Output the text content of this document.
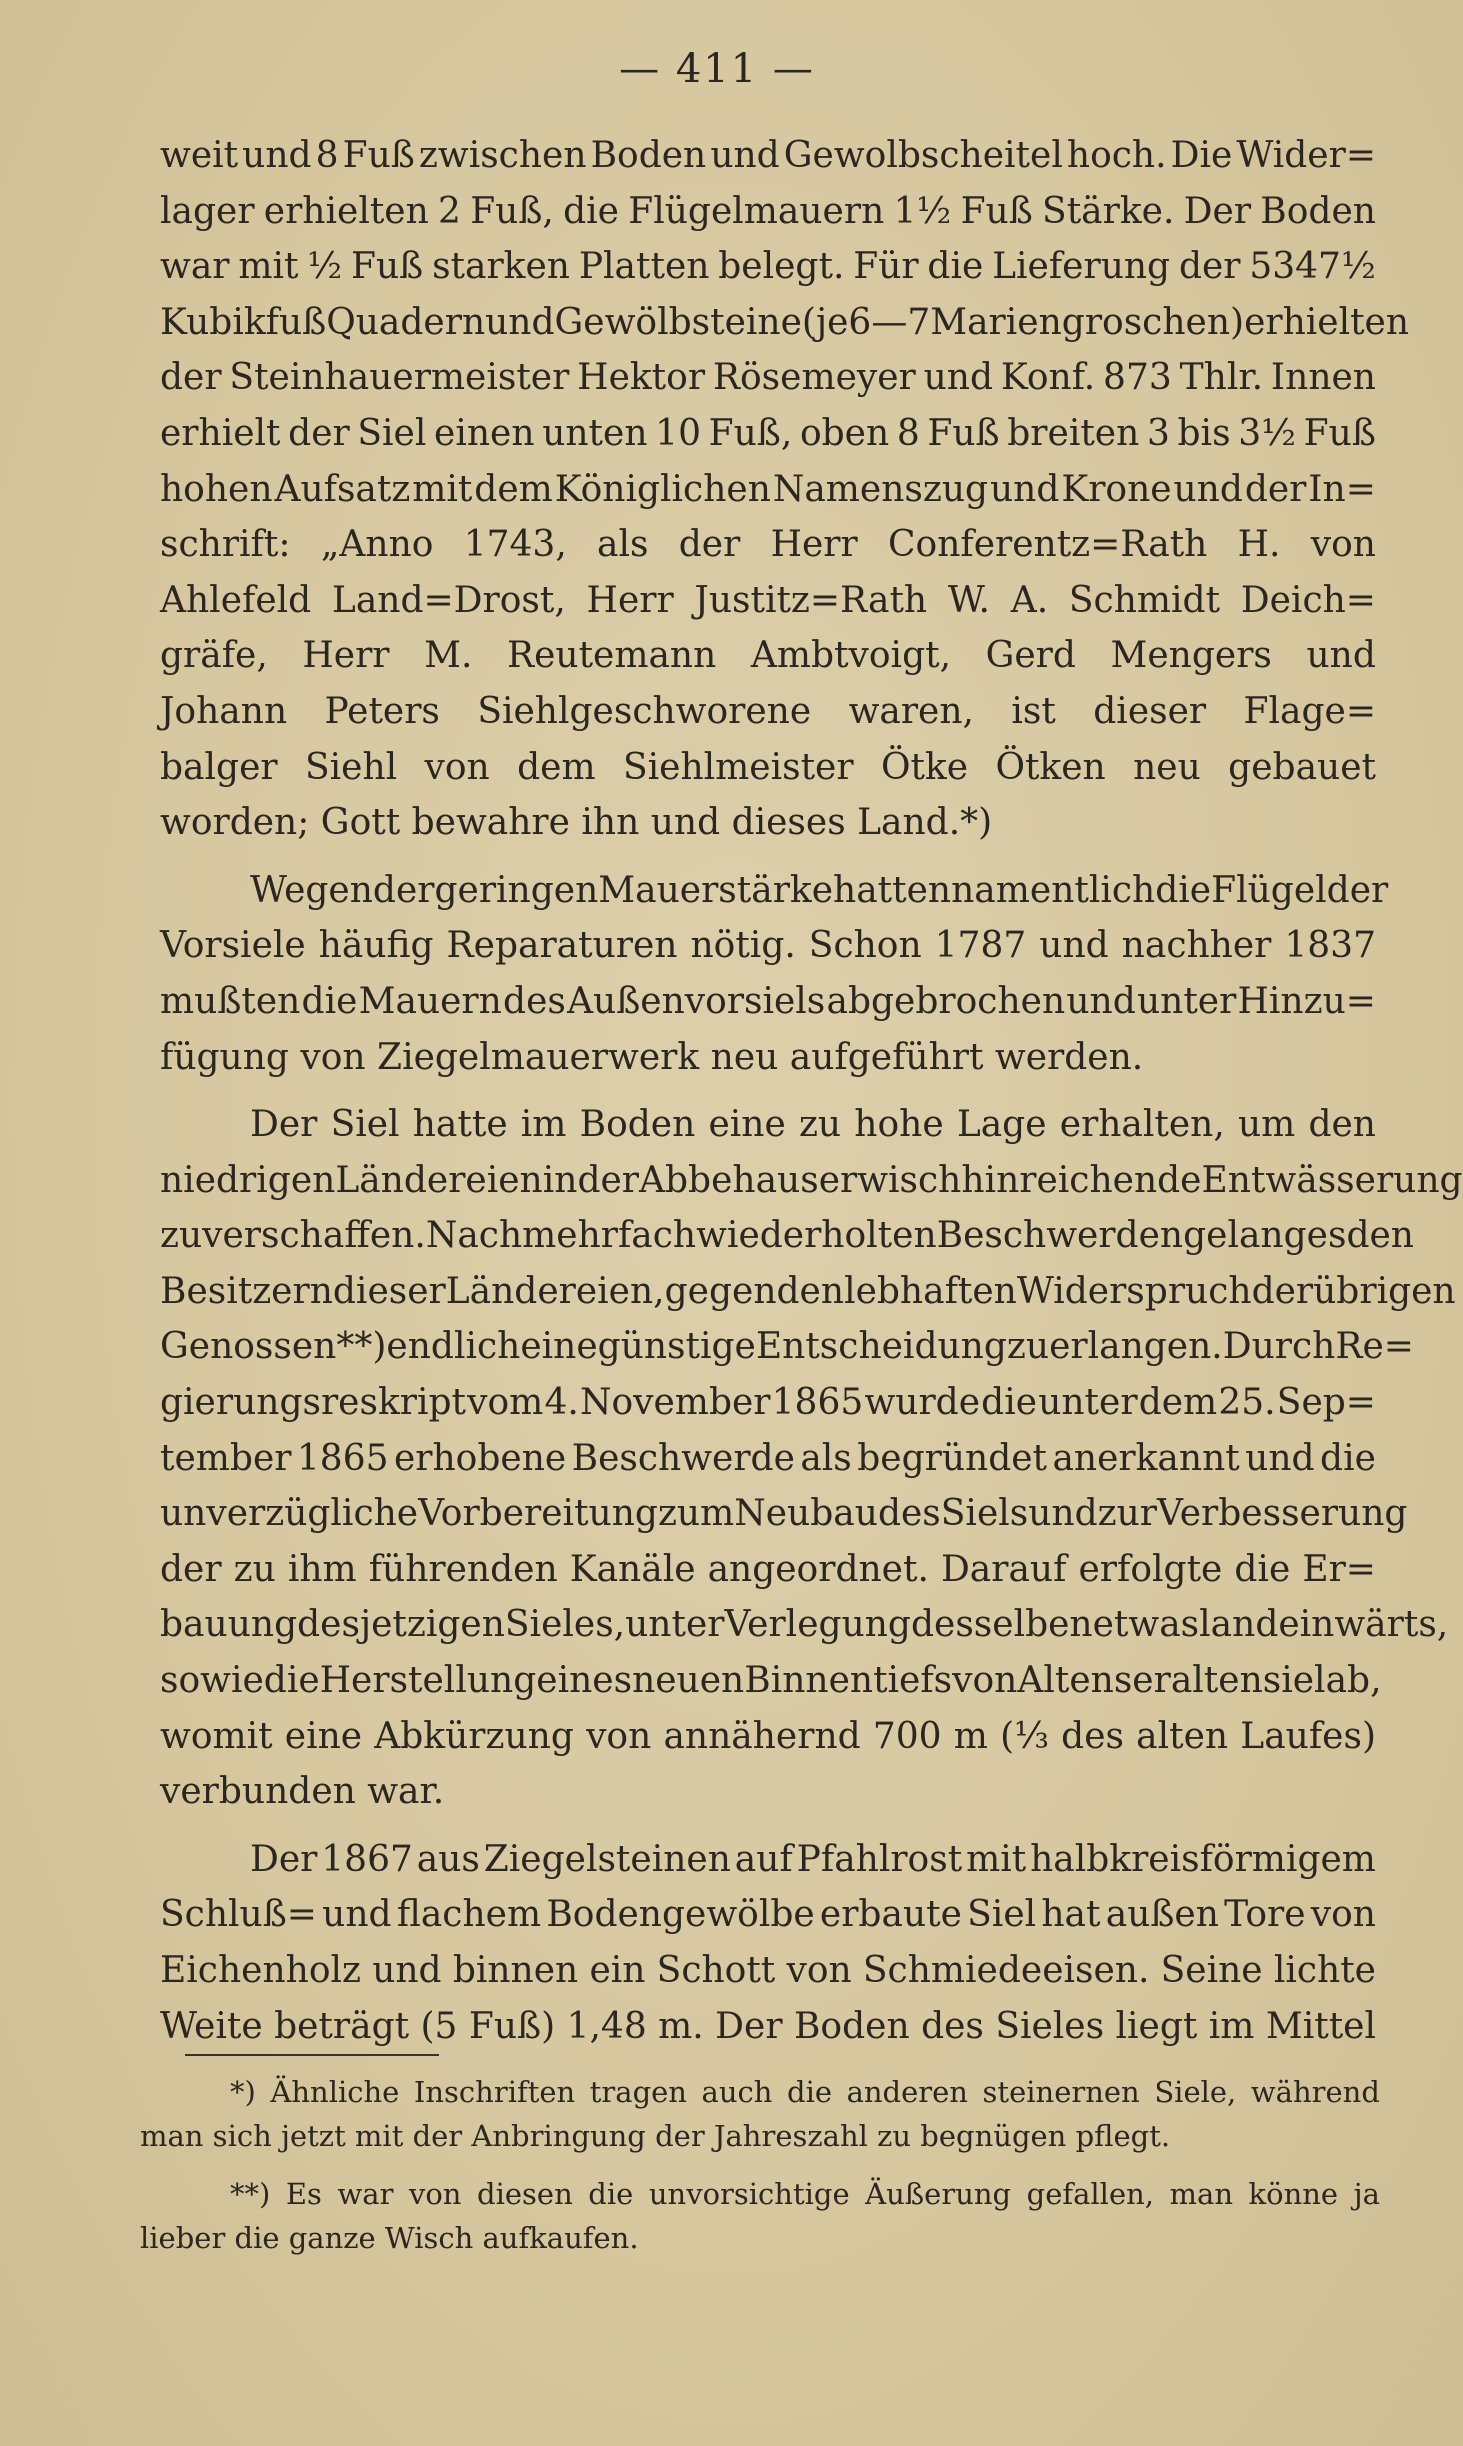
— 411 —
weit und 8 Fuß zwischen Boden und Gewolbscheitel hoch. Die Wider=
lager erhielten 2 Fuß, die Flügelmauern 1½ Fuß Stärke. Der Boden
war mit ½ Fuß starken Platten belegt. Für die Lieferung der 5347½
Kubikfuß Quadern und Gewölbsteine (je 6—7 Mariengroschen) erhielten
der Steinhauermeister Hektor Rösemeyer und Konf. 873 Thlr. Innen
erhielt der Siel einen unten 10 Fuß, oben 8 Fuß breiten 3 bis 3½ Fuß
hohen Aufsatz mit dem Königlichen Namenszug und Krone und der In=
schrift: „Anno 1743, als der Herr Conferentz=Rath H. von
Ahlefeld Land=Drost, Herr Justitz=Rath W. A. Schmidt Deich=
gräfe, Herr M. Reutemann Ambtvoigt, Gerd Mengers und
Johann Peters Siehlgeschworene waren, ist dieser Flage=
balger Siehl von dem Siehlmeister Ötke Ötken neu gebauet
worden; Gott bewahre ihn und dieses Land.*)
Wegen der geringen Mauerstärke hatten namentlich die Flügel der
Vorsiele häufig Reparaturen nötig. Schon 1787 und nachher 1837
mußten die Mauern des Außenvorsiels abgebrochen und unter Hinzu=
fügung von Ziegelmauerwerk neu aufgeführt werden.
Der Siel hatte im Boden eine zu hohe Lage erhalten, um den
niedrigen Ländereien in der Abbehauserwisch hinreichende Entwässerung
zu verschaffen. Nach mehrfach wiederholten Beschwerden gelang es den
Besitzern dieser Ländereien, gegen den lebhaften Widerspruch der übrigen
Genossen**) endlich eine günstige Entscheidung zu erlangen. Durch Re=
gierungsreskript vom 4. November 1865 wurde die unter dem 25. Sep=
tember 1865 erhobene Beschwerde als begründet anerkannt und die
unverzügliche Vorbereitung zum Neubau des Siels und zur Verbesserung
der zu ihm führenden Kanäle angeordnet. Darauf erfolgte die Er=
bauung des jetzigen Sieles, unter Verlegung desselben etwas landeinwärts,
sowie die Herstellung eines neuen Binnentiefs von Altenseraltensiel ab,
womit eine Abkürzung von annähernd 700 m (⅓ des alten Laufes)
verbunden war.
Der 1867 aus Ziegelsteinen auf Pfahlrost mit halbkreisförmigem
Schluß= und flachem Bodengewölbe erbaute Siel hat außen Tore von
Eichenholz und binnen ein Schott von Schmiedeeisen. Seine lichte
Weite beträgt (5 Fuß) 1,48 m. Der Boden des Sieles liegt im Mittel
*) Ähnliche Inschriften tragen auch die anderen steinernen Siele, während
man sich jetzt mit der Anbringung der Jahreszahl zu begnügen pflegt.
**) Es war von diesen die unvorsichtige Äußerung gefallen, man könne ja
lieber die ganze Wisch aufkaufen.
